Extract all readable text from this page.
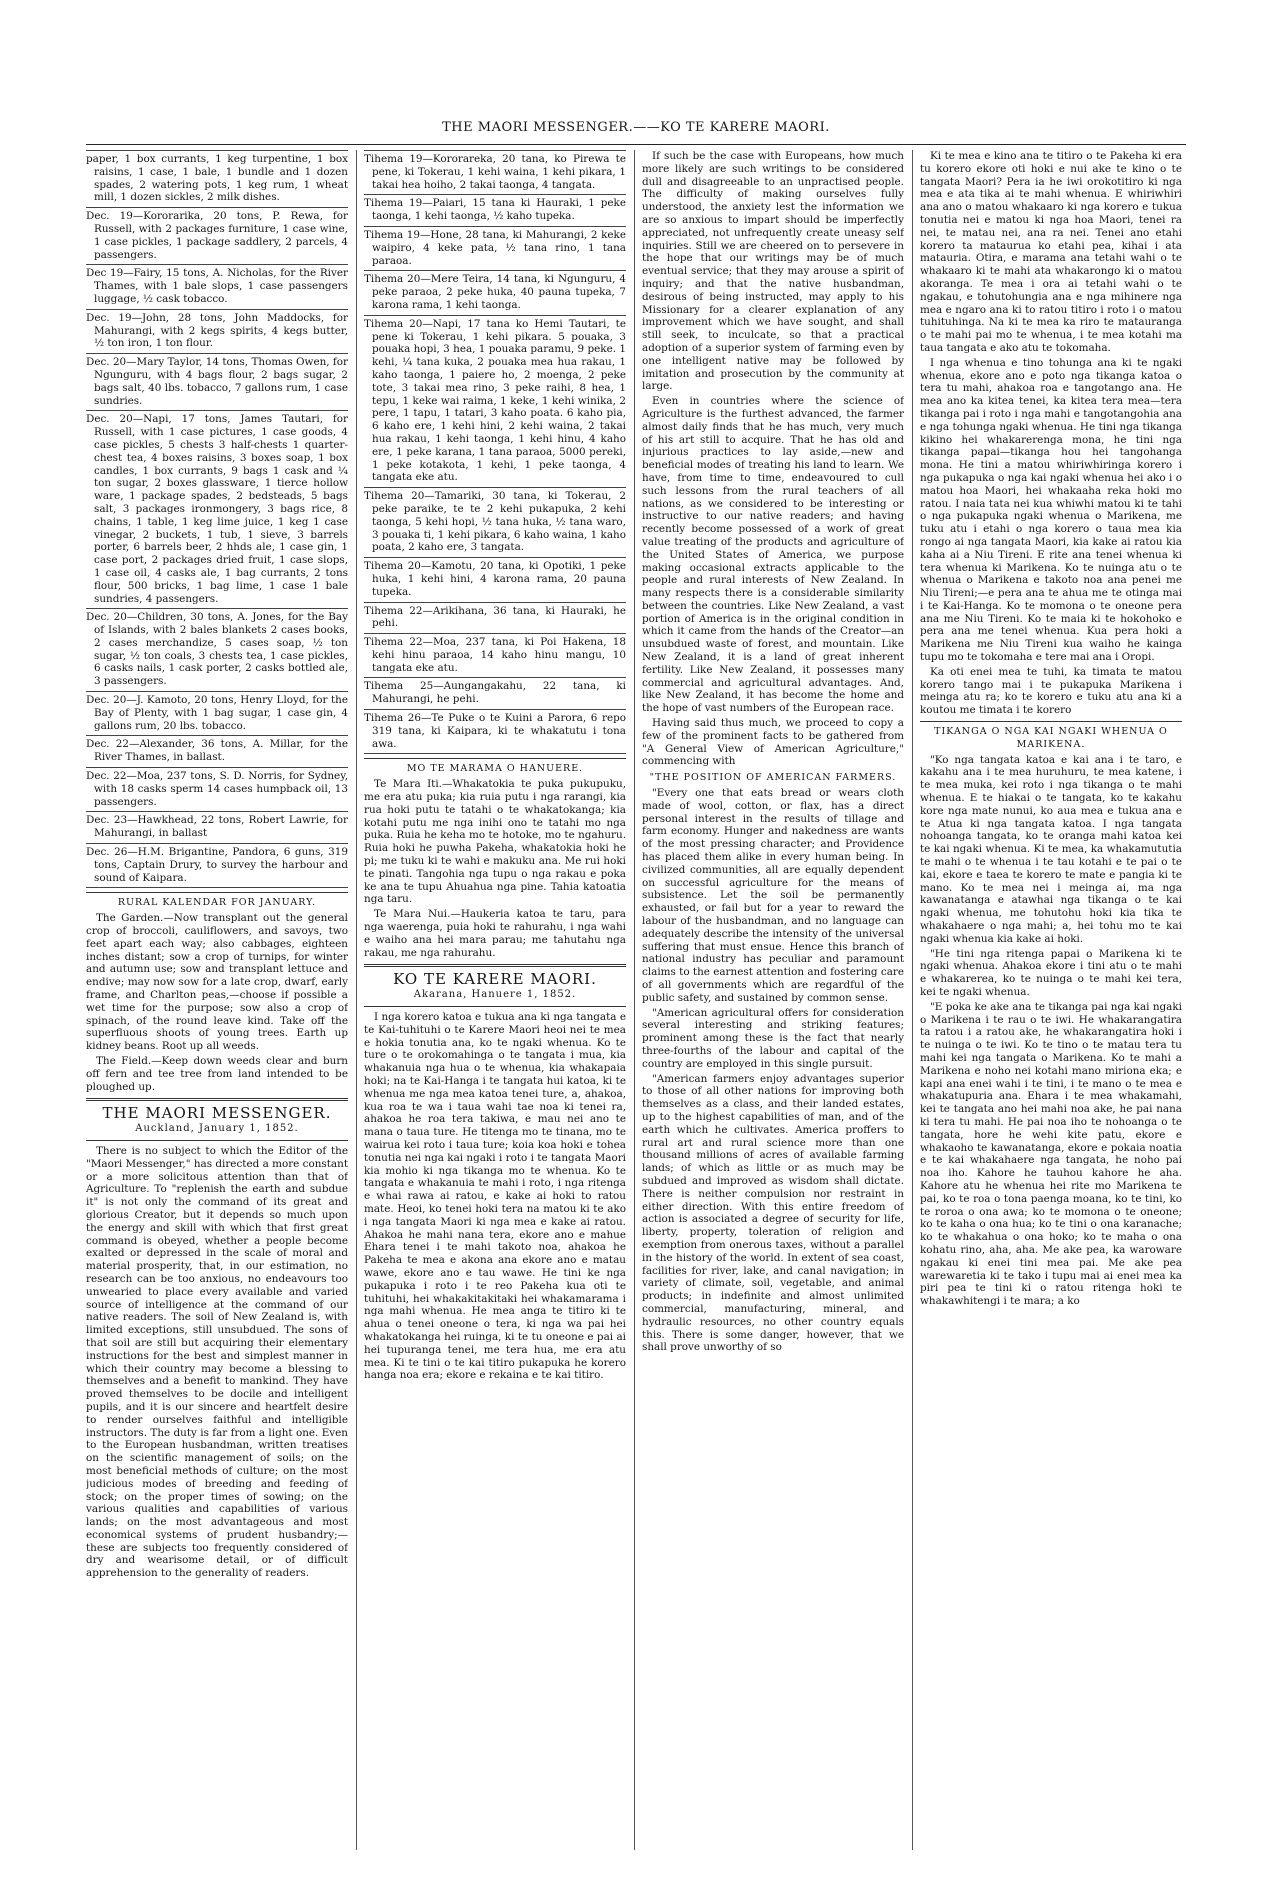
THE MAORI MESSENGER.——KO TE KARERE MAORI.

paper, 1 box currants, 1 keg turpentine, 1 box raisins, 1 case, 1 bale, 1 bundle and 1 dozen spades, 2 watering pots, 1 keg rum, 1 wheat mill, 1 dozen sickles, 2 milk dishes.

Dec. 19—Kororarika, 20 tons, P. Rewa, for Russell, with 2 packages furniture, 1 case wine, 1 case pickles, 1 package saddlery, 2 parcels, 4 passengers.

Dec 19—Fairy, 15 tons, A. Nicholas, for the River Thames, with 1 bale slops, 1 case passengers luggage, ½ cask tobacco.

Dec. 19—John, 28 tons, John Maddocks, for Mahurangi, with 2 kegs spirits, 4 kegs butter, ½ ton iron, 1 ton flour.

Dec. 20—Mary Taylor, 14 tons, Thomas Owen, for Ngunguru, with 4 bags flour, 2 bags sugar, 2 bags salt, 40 lbs. tobacco, 7 gallons rum, 1 case sundries.

Dec. 20—Napi, 17 tons, James Tautari, for Russell, with 1 case pictures, 1 case goods, 4 case pickles, 5 chests 3 half-chests 1 quarter-chest tea, 4 boxes raisins, 3 boxes soap, 1 box candles, 1 box currants, 9 bags 1 cask and ¼ ton sugar, 2 boxes glassware, 1 tierce hollow ware, 1 package spades, 2 bedsteads, 5 bags salt, 3 packages ironmongery, 3 bags rice, 8 chains, 1 table, 1 keg lime juice, 1 keg 1 case vinegar, 2 buckets, 1 tub, 1 sieve, 3 barrels porter, 6 barrels beer, 2 hhds ale, 1 case gin, 1 case port, 2 packages dried fruit, 1 case slops, 1 case oil, 4 casks ale, 1 bag currants, 2 tons flour, 500 bricks, 1 bag lime, 1 case 1 bale sundries, 4 passengers.

Dec. 20—Children, 30 tons, A. Jones, for the Bay of Islands, with 2 bales blankets 2 cases books, 2 cases merchandize, 5 cases soap, ½ ton sugar, ½ ton coals, 3 chests tea, 1 case pickles, 6 casks nails, 1 cask porter, 2 casks bottled ale, 3 passengers.

Dec. 20—J. Kamoto, 20 tons, Henry Lloyd, for the Bay of Plenty, with 1 bag sugar, 1 case gin, 4 gallons rum, 20 lbs. tobacco.

Dec. 22—Alexander, 36 tons, A. Millar, for the River Thames, in ballast.

Dec. 22—Moa, 237 tons, S. D. Norris, for Sydney, with 18 casks sperm 14 cases humpback oil, 13 passengers.

Dec. 23—Hawkhead, 22 tons, Robert Lawrie, for Mahurangi, in ballast

Dec. 26—H.M. Brigantine, Pandora, 6 guns, 319 tons, Captain Drury, to survey the harbour and sound of Kaipara.

RURAL KALENDAR FOR JANUARY.

The Garden.—Now transplant out the general crop of broccoli, cauliflowers, and savoys, two feet apart each way; also cabbages, eighteen inches distant; sow a crop of turnips, for winter and autumn use; sow and transplant lettuce and endive; may now sow for a late crop, dwarf, early frame, and Charlton peas,—choose if possible a wet time for the purpose; sow also a crop of spinach, of the round leave kind. Take off the superfluous shoots of young trees. Earth up kidney beans. Root up all weeds.

The Field.—Keep down weeds clear and burn off fern and tee tree from land intended to be ploughed up.

THE MAORI MESSENGER.
Auckland, January 1, 1852.

There is no subject to which the Editor of the "Maori Messenger," has directed a more constant or a more solicitous attention than that of Agriculture. To "replenish the earth and subdue it" is not only the command of its great and glorious Creator, but it depends so much upon the energy and skill with which that first great command is obeyed, whether a people become exalted or depressed in the scale of moral and material prosperity, that, in our estimation, no research can be too anxious, no endeavours too unwearied to place every available and varied source of intelligence at the command of our native readers. The soil of New Zealand is, with limited exceptions, still unsubdued. The sons of that soil are still but acquiring their elementary instructions for the best and simplest manner in which their country may become a blessing to themselves and a benefit to mankind. They have proved themselves to be docile and intelligent pupils, and it is our sincere and heartfelt desire to render ourselves faithful and intelligible instructors. The duty is far from a light one. Even to the European husbandman, written treatises on the scientific management of soils; on the most beneficial methods of culture; on the most judicious modes of breeding and feeding of stock; on the proper times of sowing; on the various qualities and capabilities of various lands; on the most advantageous and most economical systems of prudent husbandry;—these are subjects too frequently considered of dry and wearisome detail, or of difficult apprehension to the generality of readers.

Tihema 19—Kororareka, 20 tana, ko Pirewa te pene, ki Tokerau, 1 kehi waina, 1 kehi pikara, 1 takai hea hoiho, 2 takai taonga, 4 tangata.

Tihema 19—Paiari, 15 tana ki Hauraki, 1 peke taonga, 1 kehi taonga, ½ kaho tupeka.

Tihema 19—Hone, 28 tana, ki Mahurangi, 2 keke waipiro, 4 keke pata, ½ tana rino, 1 tana paraoa.

Tihema 20—Mere Teira, 14 tana, ki Ngunguru, 4 peke paraoa, 2 peke huka, 40 pauna tupeka, 7 karona rama, 1 kehi taonga.

Tihema 20—Napi, 17 tana ko Hemi Tautari, te pene ki Tokerau, 1 kehi pikara. 5 pouaka, 3 pouaka hopi, 3 hea, 1 pouaka paramu, 9 peke. 1 kehi, ¼ tana kuka, 2 pouaka mea hua rakau, 1 kaho taonga, 1 paiere ho, 2 moenga, 2 peke tote, 3 takai mea rino, 3 peke raihi, 8 hea, 1 tepu, 1 keke wai raima, 1 keke, 1 kehi winika, 2 pere, 1 tapu, 1 tatari, 3 kaho poata. 6 kaho pia, 6 kaho ere, 1 kehi hini, 2 kehi waina, 2 takai hua rakau, 1 kehi taonga, 1 kehi hinu, 4 kaho ere, 1 peke karana, 1 tana paraoa, 5000 pereki, 1 peke kotakota, 1 kehi, 1 peke taonga, 4 tangata eke atu.

Tihema 20—Tamariki, 30 tana, ki Tokerau, 2 peke paraike, te te 2 kehi pukapuka, 2 kehi taonga, 5 kehi hopi, ½ tana huka, ½ tana waro, 3 pouaka ti, 1 kehi pikara, 6 kaho waina, 1 kaho poata, 2 kaho ere, 3 tangata.

Tihema 20—Kamotu, 20 tana, ki Opotiki, 1 peke huka, 1 kehi hini, 4 karona rama, 20 pauna tupeka.

Tihema 22—Arikihana, 36 tana, ki Hauraki, he pehi.

Tihema 22—Moa, 237 tana, ki Poi Hakena, 18 kehi hinu paraoa, 14 kaho hinu mangu, 10 tangata eke atu.

Tihema 25—Aungangakahu, 22 tana, ki Mahurangi, he pehi.

Tihema 26—Te Puke o te Kuini a Parora, 6 repo 319 tana, ki Kaipara, ki te whakatutu i tona awa.

MO TE MARAMA O HANUERE.

Te Mara Iti.—Whakatokia te puka pukupuku, me era atu puka; kia ruia putu i nga rarangi, kia rua hoki putu te tatahi o te whakatokanga; kia kotahi putu me nga inihi ono te tatahi mo nga puka. Ruia he keha mo te hotoke, mo te ngahuru. Ruia hoki he puwha Pakeha, whakatokia hoki he pi; me tuku ki te wahi e makuku ana. Me rui hoki te pinati. Tangohia nga tupu o nga rakau e poka ke ana te tupu Ahuahua nga pine. Tahia katoatia nga taru.

Te Mara Nui.—Haukeria katoa te taru, para nga waerenga, puia hoki te rahurahu, i nga wahi e waiho ana hei mara parau; me tahutahu nga rakau, me nga rahurahu.

KO TE KARERE MAORI.
Akarana, Hanuere 1, 1852.

I nga korero katoa e tukua ana ki nga tangata e te Kai-tuhituhi o te Karere Maori heoi nei te mea e hokia tonutia ana, ko te ngaki whenua. Ko te ture o te orokomahinga o te tangata i mua, kia whakanuia nga hua o te whenua, kia whakapaia hoki; na te Kai-Hanga i te tangata hui katoa, ki te whenua me nga mea katoa tenei ture, a, ahakoa, kua roa te wa i taua wahi tae noa ki tenei ra, ahakoa he roa tera takiwa, e mau nei ano te mana o taua ture. He titenga mo te tinana, mo te wairua kei roto i taua ture; koia koa hoki e tohea tonutia nei nga kai ngaki i roto i te tangata Maori kia mohio ki nga tikanga mo te whenua. Ko te tangata e whakanuia te mahi i roto, i nga ritenga e whai rawa ai ratou, e kake ai hoki to ratou mate. Heoi, ko tenei hoki tera na matou ki te ako i nga tangata Maori ki nga mea e kake ai ratou. Ahakoa he mahi nana tera, ekore ano e mahue Ehara tenei i te mahi takoto noa, ahakoa he Pakeha te mea e akona ana ekore ano e matau wawe, ekore ano e tau wawe. He tini ke nga pukapuka i roto i te reo Pakeha kua oti te tuhituhi, hei whakakitakitaki hei whakamarama i nga mahi whenua. He mea anga te titiro ki te ahua o tenei oneone o tera, ki nga wa pai hei whakatokanga hei ruinga, ki te tu oneone e pai ai hei tupuranga tenei, me tera hua, me era atu mea. Ki te tini o te kai titiro pukapuka he korero hanga noa era; ekore e rekaina e te kai titiro.

If such be the case with Europeans, how much more likely are such writings to be considered dull and disagreeable to an unpractised people. The difficulty of making ourselves fully understood, the anxiety lest the information we are so anxious to impart should be imperfectly appreciated, not unfrequently create uneasy self inquiries. Still we are cheered on to persevere in the hope that our writings may be of much eventual service; that they may arouse a spirit of inquiry; and that the native husbandman, desirous of being instructed, may apply to his Missionary for a clearer explanation of any improvement which we have sought, and shall still seek, to inculcate, so that a practical adoption of a superior system of farming even by one intelligent native may be followed by imitation and prosecution by the community at large.

Even in countries where the science of Agriculture is the furthest advanced, the farmer almost daily finds that he has much, very much of his art still to acquire. That he has old and injurious practices to lay aside,—new and beneficial modes of treating his land to learn. We have, from time to time, endeavoured to cull such lessons from the rural teachers of all nations, as we considered to be interesting or instructive to our native readers; and having recently become possessed of a work of great value treating of the products and agriculture of the United States of America, we purpose making occasional extracts applicable to the people and rural interests of New Zealand. In many respects there is a considerable similarity between the countries. Like New Zealand, a vast portion of America is in the original condition in which it came from the hands of the Creator—an unsubdued waste of forest, and mountain. Like New Zealand, it is a land of great inherent fertility. Like New Zealand, it possesses many commercial and agricultural advantages. And, like New Zealand, it has become the home and the hope of vast numbers of the European race.

Having said thus much, we proceed to copy a few of the prominent facts to be gathered from "A General View of American Agriculture," commencing with

"THE POSITION OF AMERICAN FARMERS.

"Every one that eats bread or wears cloth made of wool, cotton, or flax, has a direct personal interest in the results of tillage and farm economy. Hunger and nakedness are wants of the most pressing character; and Providence has placed them alike in every human being. In civilized communities, all are equally dependent on successful agriculture for the means of subsistence. Let the soil be permanently exhausted, or fail but for a year to reward the labour of the husbandman, and no language can adequately describe the intensity of the universal suffering that must ensue. Hence this branch of national industry has peculiar and paramount claims to the earnest attention and fostering care of all governments which are regardful of the public safety, and sustained by common sense.

"American agricultural offers for consideration several interesting and striking features; prominent among these is the fact that nearly three-fourths of the labour and capital of the country are employed in this single pursuit.

"American farmers enjoy advantages superior to those of all other nations for improving both themselves as a class, and their landed estates, up to the highest capabilities of man, and of the earth which he cultivates. America proffers to rural art and rural science more than one thousand millions of acres of available farming lands; of which as little or as much may be subdued and improved as wisdom shall dictate. There is neither compulsion nor restraint in either direction. With this entire freedom of action is associated a degree of security for life, liberty, property, toleration of religion and exemption from onerous taxes, without a parallel in the history of the world. In extent of sea coast, facilities for river, lake, and canal navigation; in variety of climate, soil, vegetable, and animal products; in indefinite and almost unlimited commercial, manufacturing, mineral, and hydraulic resources, no other country equals this. There is some danger, however, that we shall prove unworthy of so

Ki te mea e kino ana te titiro o te Pakeha ki era tu korero ekore oti hoki e nui ake te kino o te tangata Maori? Pera ia he iwi orokotitiro ki nga mea e ata tika ai te mahi whenua. E whiriwhiri ana ano o matou whakaaro ki nga korero e tukua tonutia nei e matou ki nga hoa Maori, tenei ra nei, te matau nei, ana ra nei. Tenei ano etahi korero ta mataurua ko etahi pea, kihai i ata matauria. Otira, e marama ana tetahi wahi o te whakaaro ki te mahi ata whakarongo ki o matou akoranga. Te mea i ora ai tetahi wahi o te ngakau, e tohutohungia ana e nga mihinere nga mea e ngaro ana ki to ratou titiro i roto i o matou tuhituhinga. Na ki te mea ka riro te matauranga o te mahi pai mo te whenua, i te mea kotahi ma taua tangata e ako atu te tokomaha.

I nga whenua e tino tohunga ana ki te ngaki whenua, ekore ano e poto nga tikanga katoa o tera tu mahi, ahakoa roa e tangotango ana. He mea ano ka kitea tenei, ka kitea tera mea—tera tikanga pai i roto i nga mahi e tangotangohia ana e nga tohunga ngaki whenua. He tini nga tikanga kikino hei whakarerenga mona, he tini nga tikanga papai—tikanga hou hei tangohanga mona. He tini a matou whiriwhiringa korero i nga pukapuka o nga kai ngaki whenua hei ako i o matou hoa Maori, hei whakaaha reka hoki mo ratou. I naia tata nei kua whiwhi matou ki te tahi o nga pukapuka ngaki whenua o Marikena, me tuku atu i etahi o nga korero o taua mea kia rongo ai nga tangata Maori, kia kake ai ratou kia kaha ai a Niu Tireni. E rite ana tenei whenua ki tera whenua ki Marikena. Ko te nuinga atu o te whenua o Marikena e takoto noa ana penei me Niu Tireni;—e pera ana te ahua me te otinga mai i te Kai-Hanga. Ko te momona o te oneone pera ana me Niu Tireni. Ko te maia ki te hokohoko e pera ana me tenei whenua. Kua pera hoki a Marikena me Niu Tireni kua waiho he kainga tupu mo te tokomaha e tere mai ana i Oropi.

Ka oti enei mea te tuhi, ka timata te matou korero tango mai i te pukapuka Marikena i meinga atu ra; ko te korero e tuku atu ana ki a koutou me timata i te korero

TIKANGA O NGA KAI NGAKI WHENUA O MARIKENA.

"Ko nga tangata katoa e kai ana i te taro, e kakahu ana i te mea huruhuru, te mea katene, i te mea muka, kei roto i nga tikanga o te mahi whenua. E te hiakai o te tangata, ko te kakahu kore nga mate nunui, ko aua mea e tukua ana e te Atua ki nga tangata katoa. I nga tangata nohoanga tangata, ko te oranga mahi katoa kei te kai ngaki whenua. Ki te mea, ka whakamututia te mahi o te whenua i te tau kotahi e te pai o te kai, ekore e taea te korero te mate e pangia ki te mano. Ko te mea nei i meinga ai, ma nga kawanatanga e atawhai nga tikanga o te kai ngaki whenua, me tohutohu hoki kia tika te whakahaere o nga mahi; a, hei tohu mo te kai ngaki whenua kia kake ai hoki.

"He tini nga ritenga papai o Marikena ki te ngaki whenua. Ahakoa ekore i tini atu o te mahi e whakarerea, ko te nuinga o te mahi kei tera, kei te ngaki whenua.

"E poka ke ake ana te tikanga pai nga kai ngaki o Marikena i te rau o te iwi. He whakarangatira ta ratou i a ratou ake, he whakarangatira hoki i te nuinga o te iwi. Ko te tino o te matau tera tu mahi kei nga tangata o Marikena. Ko te mahi a Marikena e noho nei kotahi mano miriona eka; e kapi ana enei wahi i te tini, i te mano o te mea e whakatupuria ana. Ehara i te mea whakamahi, kei te tangata ano hei mahi noa ake, he pai nana ki tera tu mahi. He pai noa iho te nohoanga o te tangata, hore he wehi kite patu, ekore e whakaoho te kawanatanga, ekore e pokaia noatia e te kai whakahaere nga tangata, he noho pai noa iho. Kahore he tauhou kahore he aha. Kahore atu he whenua hei rite mo Marikena te pai, ko te roa o tona paenga moana, ko te tini, ko te roroa o ona awa; ko te momona o te oneone; ko te kaha o ona hua; ko te tini o ona karanache; ko te whakahua o ona hoko; ko te maha o ona kohatu rino, aha, aha. Me ake pea, ka waroware ngakau ki enei tini mea pai. Me ake pea warewaretia ki te tako i tupu mai ai enei mea ka piri pea te tini ki o ratou ritenga hoki te whakawhitengi i te mara; a ko
